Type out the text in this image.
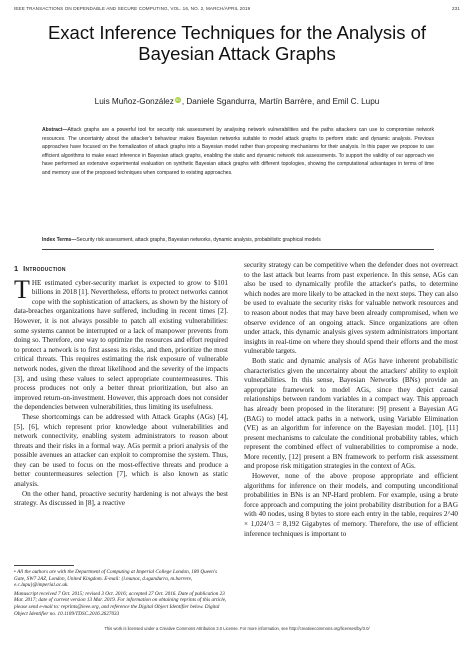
IEEE TRANSACTIONS ON DEPENDABLE AND SECURE COMPUTING, VOL. 16, NO. 2, MARCH/APRIL 2019	231
Exact Inference Techniques for the Analysis of Bayesian Attack Graphs
Luis Muñoz-González iD , Daniele Sgandurra, Martín Barrère, and Emil C. Lupu
Abstract—Attack graphs are a powerful tool for security risk assessment by analysing network vulnerabilities and the paths attackers can use to compromise network resources. The uncertainty about the attacker's behaviour makes Bayesian networks suitable to model attack graphs to perform static and dynamic analysis. Previous approaches have focused on the formalization of attack graphs into a Bayesian model rather than proposing mechanisms for their analysis. In this paper we propose to use efficient algorithms to make exact inference in Bayesian attack graphs, enabling the static and dynamic network risk assessments. To support the validity of our approach we have performed an extensive experimental evaluation on synthetic Bayesian attack graphs with different topologies, showing the computational advantages in terms of time and memory use of the proposed techniques when compared to existing approaches.
Index Terms—Security risk assessment, attack graphs, Bayesian networks, dynamic analysis, probabilistic graphical models
1 Introduction

THE estimated cyber-security market is expected to grow to $101 billions in 2018 [1]. Nevertheless, efforts to protect networks cannot cope with the sophistication of attackers, as shown by the history of data-breaches organizations have suffered, including in recent times [2]. However, it is not always possible to patch all existing vulnerabilities: some systems cannot be interrupted or a lack of manpower prevents from doing so. Therefore, one way to optimize the resources and effort required to protect a network is to first assess its risks, and then, prioritize the most critical threats. This requires estimating the risk exposure of vulnerable network nodes, given the threat likelihood and the severity of the impacts [3], and using these values to select appropriate countermeasures. This process produces not only a better threat prioritization, but also an improved return-on-investment. However, this approach does not consider the dependencies between vulnerabilities, thus limiting its usefulness.

These shortcomings can be addressed with Attack Graphs (AGs) [4], [5], [6], which represent prior knowledge about vulnerabilities and network connectivity, enabling system administrators to reason about threats and their risks in a formal way. AGs permit a priori analysis of the possible avenues an attacker can exploit to compromise the system. Thus, they can be used to focus on the most-effective threats and produce a better countermeasures selection [7], which is also known as static analysis.

On the other hand, proactive security hardening is not always the best strategy. As discussed in [8], a reactive

• All the authors are with the Department of Computing at Imperial College London, 180 Queen's Gate, SW7 2AZ, London, United Kingdom. E-mail: {l.munoz, d.sgandurra, m.barrere, e.c.lupu}@imperial.ac.uk.

Manuscript received 7 Oct. 2015; revised 3 Oct. 2016; accepted 27 Oct. 2016. Date of publication 23 Mar. 2017; date of current version 13 Mar. 2019. For information on obtaining reprints of this article, please send e-mail to: reprints@ieee.org, and reference the Digital Object Identifier below. Digital Object Identifier no. 10.1109/TDSC.2016.2627033

security strategy can be competitive when the defender does not overreact to the last attack but learns from past experience. In this sense, AGs can also be used to dynamically profile the attacker's paths, to determine which nodes are more likely to be attacked in the next steps. They can also be used to evaluate the security risks for valuable network resources and to reason about nodes that may have been already compromised, when we observe evidence of an ongoing attack. Since organizations are often under attack, this dynamic analysis gives system administrators important insights in real-time on where they should spend their efforts and the most vulnerable targets.

Both static and dynamic analysis of AGs have inherent probabilistic characteristics given the uncertainty about the attackers' ability to exploit vulnerabilities. In this sense, Bayesian Networks (BNs) provide an appropriate framework to model AGs, since they depict causal relationships between random variables in a compact way. This approach has already been proposed in the literature: [9] present a Bayesian AG (BAG) to model attack paths in a network, using Variable Elimination (VE) as an algorithm for inference on the Bayesian model. [10], [11] present mechanisms to calculate the conditional probability tables, which represent the combined effect of vulnerabilities to compromise a node. More recently, [12] present a BN framework to perform risk assessment and propose risk mitigation strategies in the context of AGs.

However, none of the above propose appropriate and efficient algorithms for inference on their models, and computing unconditional probabilities in BNs is an NP-Hard problem. For example, using a brute force approach and computing the joint probability distribution for a BAG with 40 nodes, using 8 bytes to store each entry in the table, requires 2^40 × 1,024^3 = 8,192 Gigabytes of memory. Therefore, the use of efficient inference techniques is important to

This work is licensed under a Creative Commons Attribution 3.0 License. For more information, see http://creativecommons.org/licenses/by/3.0/
